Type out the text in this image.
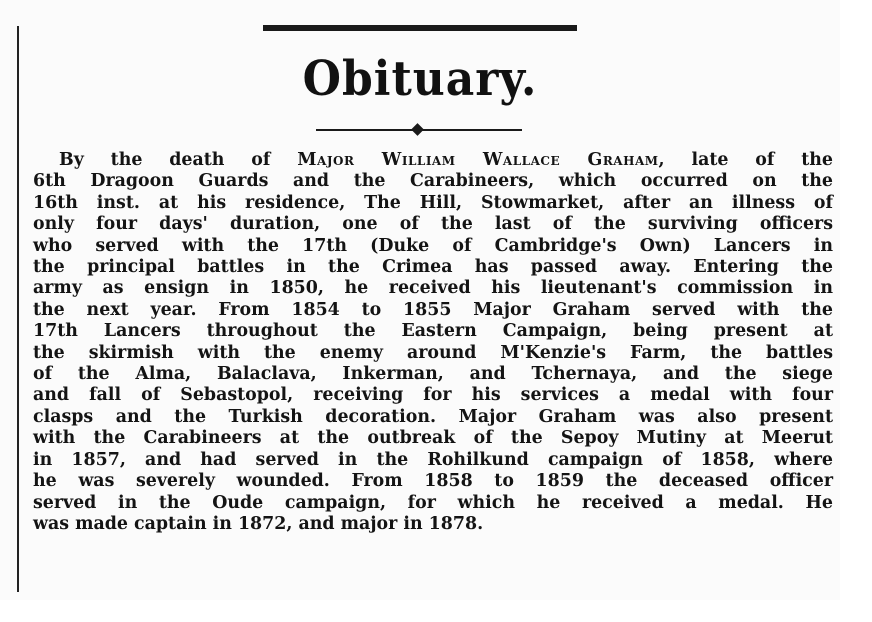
Obituary.
By the death of Major William Wallace Graham, late of the
6th Dragoon Guards and the Carabineers, which occurred on the
16th inst. at his residence, The Hill, Stowmarket, after an illness of
only four days' duration, one of the last of the surviving officers
who served with the 17th (Duke of Cambridge's Own) Lancers in
the principal battles in the Crimea has passed away. Entering the
army as ensign in 1850, he received his lieutenant's commission in
the next year. From 1854 to 1855 Major Graham served with the
17th Lancers throughout the Eastern Campaign, being present at
the skirmish with the enemy around M'Kenzie's Farm, the battles
of the Alma, Balaclava, Inkerman, and Tchernaya, and the siege
and fall of Sebastopol, receiving for his services a medal with four
clasps and the Turkish decoration. Major Graham was also present
with the Carabineers at the outbreak of the Sepoy Mutiny at Meerut
in 1857, and had served in the Rohilkund campaign of 1858, where
he was severely wounded. From 1858 to 1859 the deceased officer
served in the Oude campaign, for which he received a medal. He
was made captain in 1872, and major in 1878.
